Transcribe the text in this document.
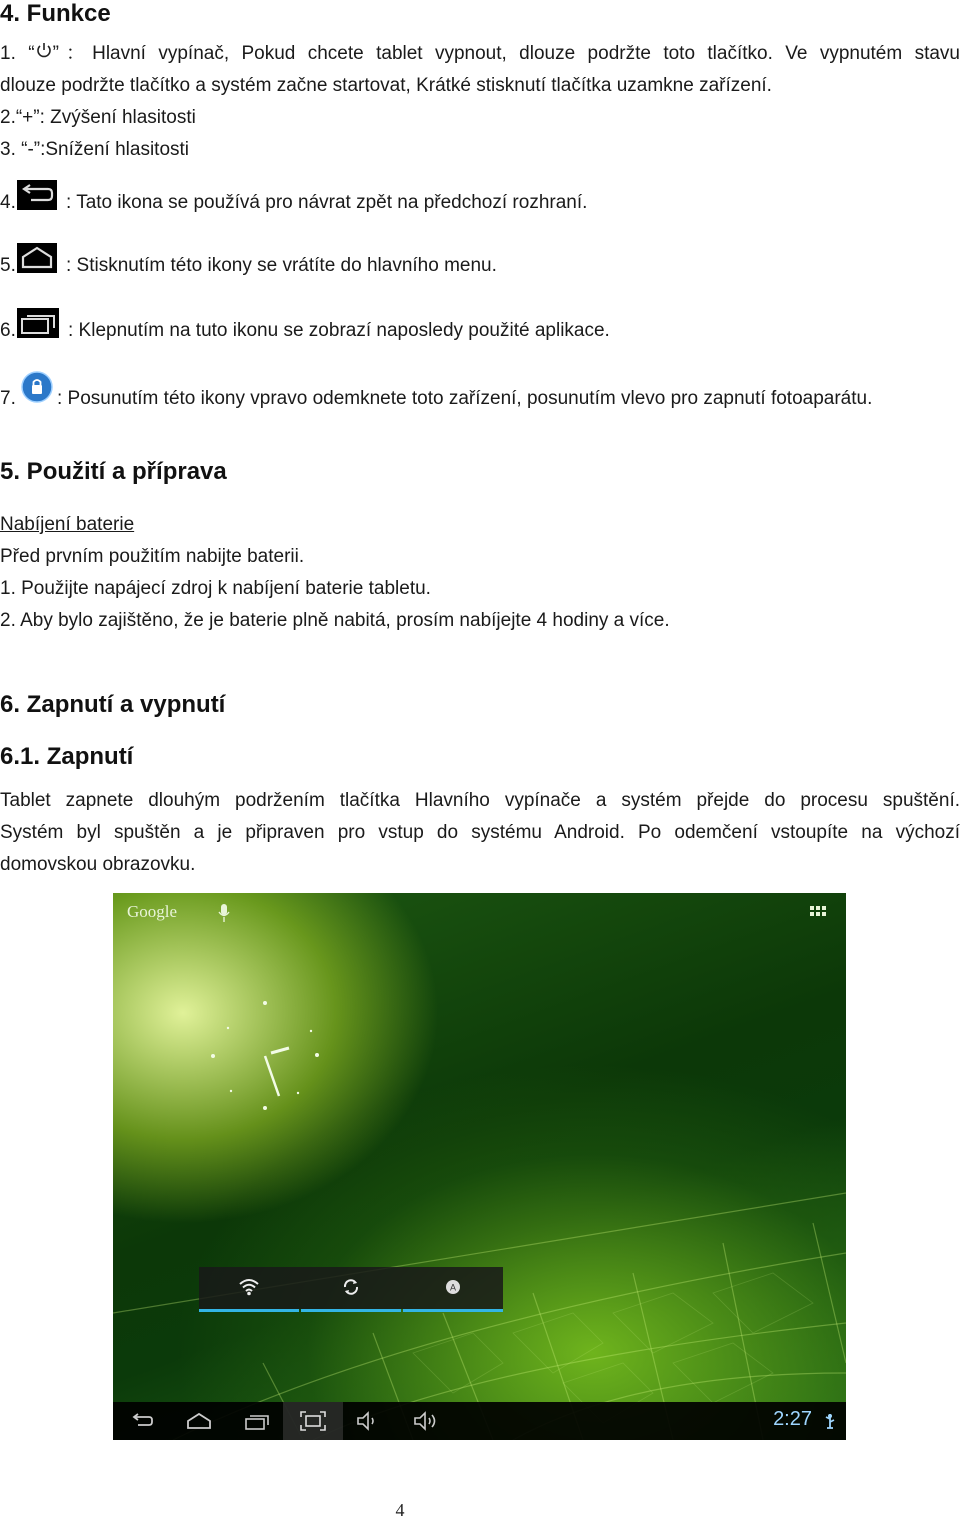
4. Funkce
1. “ ”：Hlavní vypínač, Pokud chcete tablet vypnout, dlouze podržte toto tlačítko. Ve vypnutém stavu
dlouze podržte tlačítko a systém začne startovat, Krátké stisknutí tlačítka uzamkne zařízení.
2.“+”: Zvýšení hlasitosti
3. “-”:Snížení hlasitosti
4.	: Tato ikona se používá pro návrat zpět na předchozí rozhraní.
5.	: Stisknutím této ikony se vrátíte do hlavního menu.
6.	: Klepnutím na tuto ikonu se zobrazí naposledy použité aplikace.
7. : Posunutím této ikony vpravo odemknete toto zařízení, posunutím vlevo pro zapnutí fotoaparátu.
5. Použití a příprava
Nabíjení baterie
Před prvním použitím nabijte baterii.
1. Použijte napájecí zdroj k nabíjení baterie tabletu.
2. Aby bylo zajištěno, že je baterie plně nabitá, prosím nabíjejte 4 hodiny a více.
6. Zapnutí a vypnutí
6.1. Zapnutí
Tablet zapnete dlouhým podržením tlačítka Hlavního vypínače a systém přejde do procesu spuštění.
Systém byl spuštěn a je připraven pro vstup do systému Android. Po odemčení vstoupíte na výchozí
domovskou obrazovku.
Google
A
2:27
4
